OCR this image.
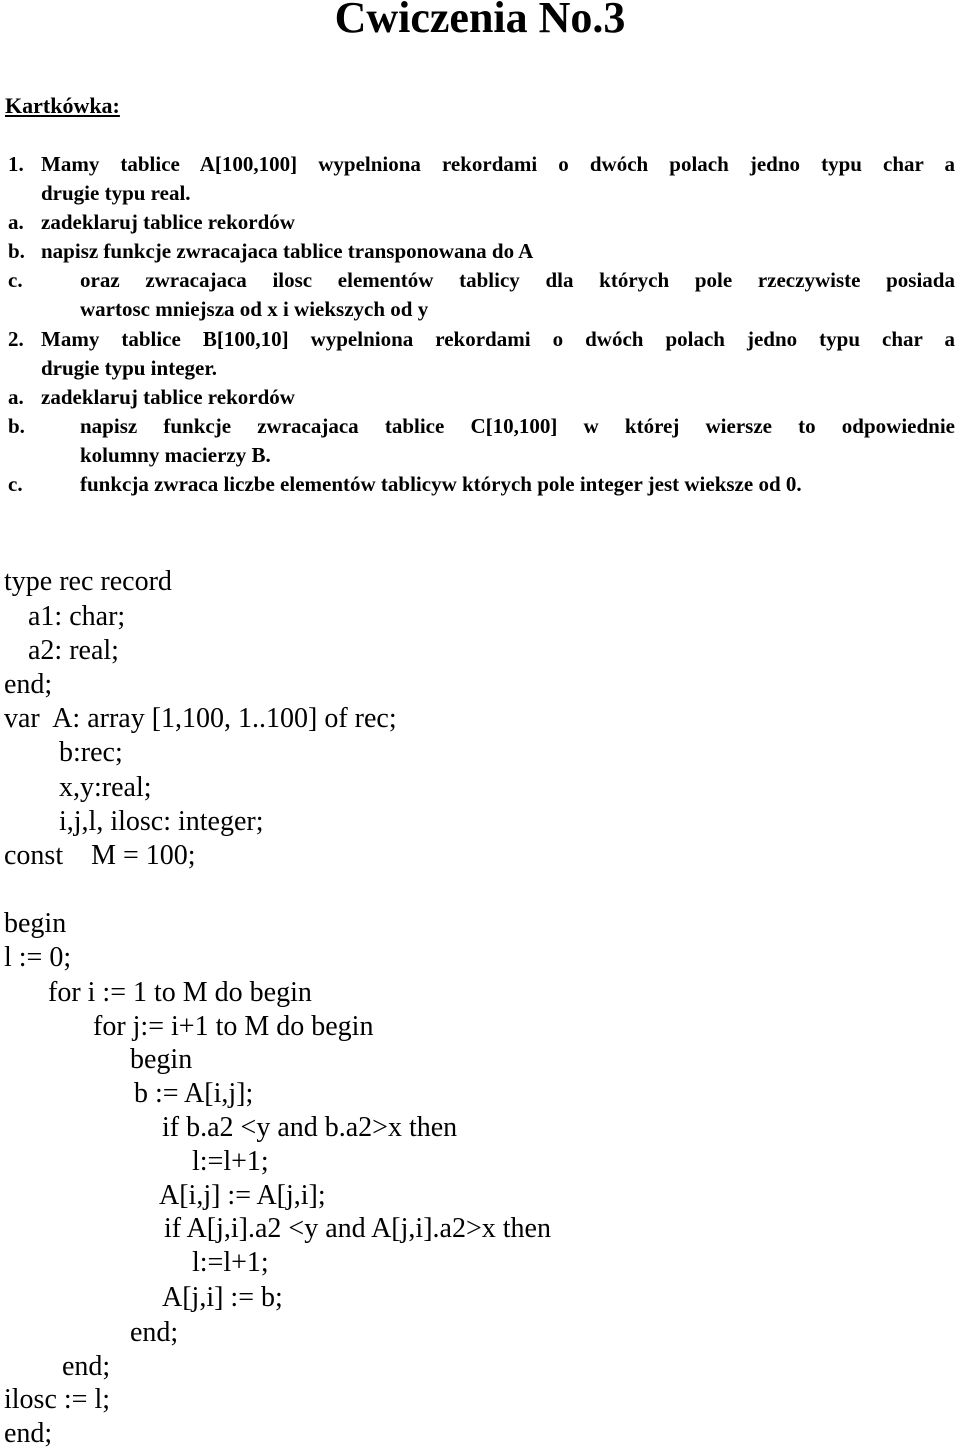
Cwiczenia No.3
Kartkówka:
1. Mamy tablice A[100,100] wypelniona rekordami o dwóch polach jedno typu char a
drugie typu real.
a. zadeklaruj tablice rekordów
b. napisz funkcje zwracajaca tablice transponowana do A
c.	oraz zwracajaca ilosc elementów tablicy dla których pole rzeczywiste posiada
wartosc mniejsza od x i wiekszych od y
2. Mamy tablice B[100,10] wypelniona rekordami o dwóch polach jedno typu char a
drugie typu integer.
a. zadeklaruj tablice rekordów
b.	napisz funkcje zwracajaca tablice C[10,100] w której wiersze to odpowiednie
kolumny macierzy B.
c.	funkcja zwraca liczbe elementów tablicyw których pole integer jest wieksze od 0.
type rec record
a1: char;
a2: real;
end;
var  A: array [1,100, 1..100] of rec;
b:rec;
x,y:real;
i,j,l, ilosc: integer;
const    M = 100;
begin
l := 0;
for i := 1 to M do begin
for j:= i+1 to M do begin
begin
b := A[i,j];
if b.a2 <y and b.a2>x then
l:=l+1;
A[i,j] := A[j,i];
if A[j,i].a2 <y and A[j,i].a2>x then
l:=l+1;
A[j,i] := b;
end;
end;
ilosc := l;
end;
